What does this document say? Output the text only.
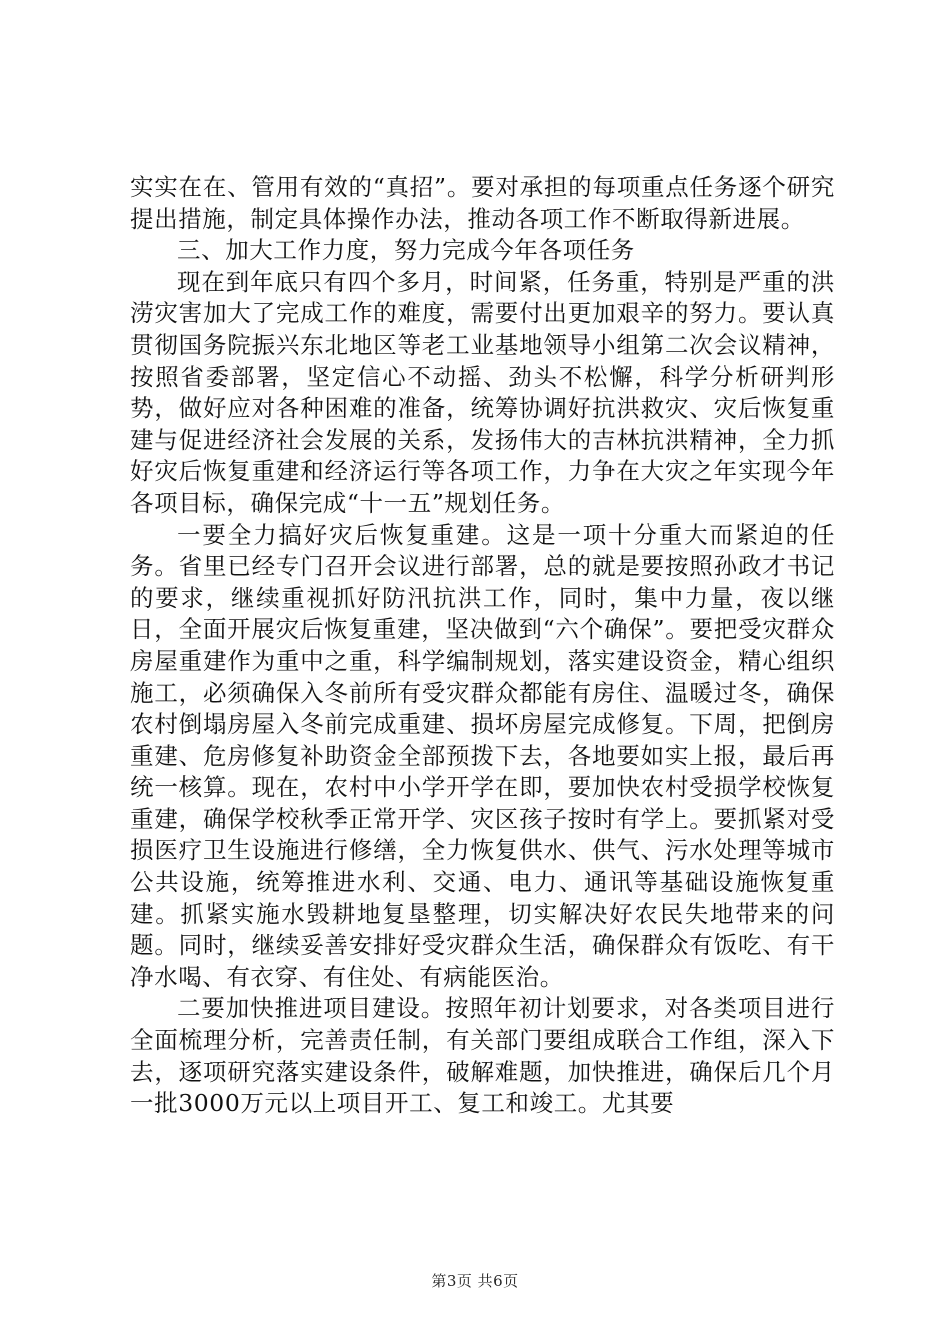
实实在在、管用有效的“真招”。要对承担的每项重点任务逐个研究提出措施，制定具体操作办法，推动各项工作不断取得新进展。

三、加大工作力度，努力完成今年各项任务

现在到年底只有四个多月，时间紧，任务重，特别是严重的洪涝灾害加大了完成工作的难度，需要付出更加艰辛的努力。要认真贯彻国务院振兴东北地区等老工业基地领导小组第二次会议精神，按照省委部署，坚定信心不动摇、劲头不松懈，科学分析研判形势，做好应对各种困难的准备，统筹协调好抗洪救灾、灾后恢复重建与促进经济社会发展的关系，发扬伟大的吉林抗洪精神，全力抓好灾后恢复重建和经济运行等各项工作，力争在大灾之年实现今年各项目标，确保完成“十一五”规划任务。

一要全力搞好灾后恢复重建。这是一项十分重大而紧迫的任务。省里已经专门召开会议进行部署，总的就是要按照孙政才书记的要求，继续重视抓好防汛抗洪工作，同时，集中力量，夜以继日，全面开展灾后恢复重建，坚决做到“六个确保”。要把受灾群众房屋重建作为重中之重，科学编制规划，落实建设资金，精心组织施工，必须确保入冬前所有受灾群众都能有房住、温暖过冬，确保农村倒塌房屋入冬前完成重建、损坏房屋完成修复。下周，把倒房重建、危房修复补助资金全部预拨下去，各地要如实上报，最后再统一核算。现在，农村中小学开学在即，要加快农村受损学校恢复重建，确保学校秋季正常开学、灾区孩子按时有学上。要抓紧对受损医疗卫生设施进行修缮，全力恢复供水、供气、污水处理等城市公共设施，统筹推进水利、交通、电力、通讯等基础设施恢复重建。抓紧实施水毁耕地复垦整理，切实解决好农民失地带来的问题。同时，继续妥善安排好受灾群众生活，确保群众有饭吃、有干净水喝、有衣穿、有住处、有病能医治。

二要加快推进项目建设。按照年初计划要求，对各类项目进行全面梳理分析，完善责任制，有关部门要组成联合工作组，深入下去，逐项研究落实建设条件，破解难题，加快推进，确保后几个月一批3000万元以上项目开工、复工和竣工。尤其要

第3页 共6页
